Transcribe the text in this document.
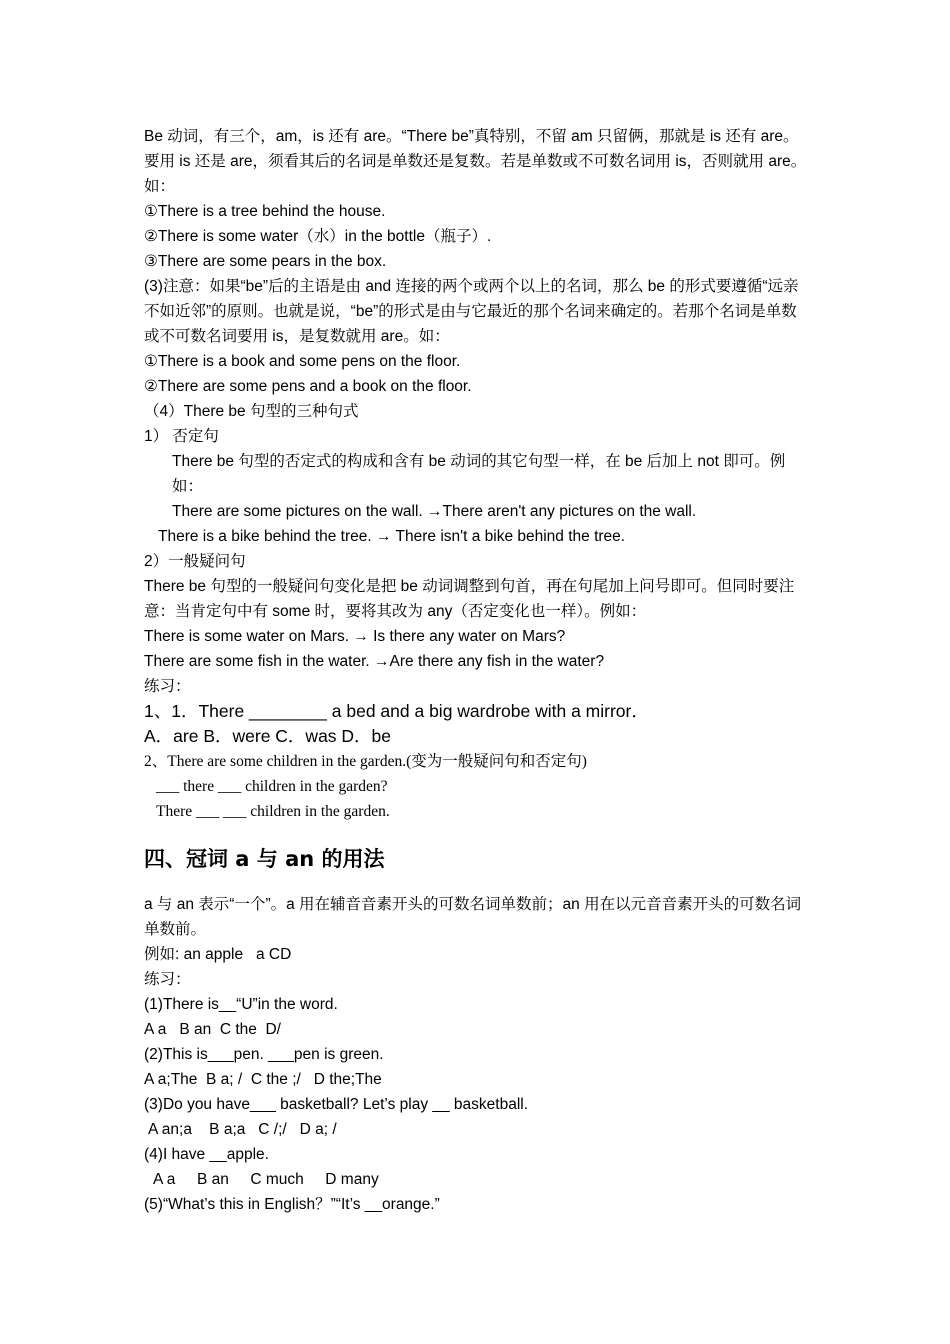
Be 动词，有三个，am，is 还有 are。“There be”真特别，不留 am 只留俩，那就是 is 还有 are。要用 is 还是 are，须看其后的名词是单数还是复数。若是单数或不可数名词用 is，否则就用 are。如：

①There is a tree behind the house.

②There is some water（水）in the bottle（瓶子）.

③There are some pears in the box.

(3)注意：如果“be”后的主语是由 and 连接的两个或两个以上的名词，那么 be 的形式要遵循“远亲不如近邻”的原则。也就是说，“be”的形式是由与它最近的那个名词来确定的。若那个名词是单数或不可数名词要用 is，是复数就用 are。如：

①There is a book and some pens on the floor.

②There are some pens and a book on the floor.

（4）There be 句型的三种句式

1） 否定句

There be 句型的否定式的构成和含有 be 动词的其它句型一样，在 be 后加上 not 即可。例如：

There are some pictures on the wall. →There aren't any pictures on the wall.

There is a bike behind the tree. → There isn't a bike behind the tree.

2）一般疑问句

There be 句型的一般疑问句变化是把 be 动词调整到句首，再在句尾加上问号即可。但同时要注意：当肯定句中有 some 时，要将其改为 any（否定变化也一样）。例如：

There is some water on Mars. → Is there any water on Mars?

There are some fish in the water. →Are there any fish in the water?

练习：

1、1．There ________ a bed and a big wardrobe with a mirror．

A．are B．were C．was D．be

2、There are some children in the garden.(变为一般疑问句和否定句)

___ there ___ children in the garden?

There ___ ___ children in the garden.

四、冠词 a 与 an 的用法

a 与 an 表示“一个”。a 用在辅音音素开头的可数名词单数前；an 用在以元音音素开头的可数名词单数前。

例如: an apple   a CD

练习：

(1)There is__“U”in the word.

A a   B an  C the  D/

(2)This is___pen. ___pen is green.

A a;The  B a; /  C the ;/   D the;The

(3)Do you have___ basketball? Let’s play __ basketball.

A an;a    B a;a   C /;/   D a; /

(4)I have __apple.

A a     B an     C much     D many

(5)“What’s this in English？”“It’s __orange.”
